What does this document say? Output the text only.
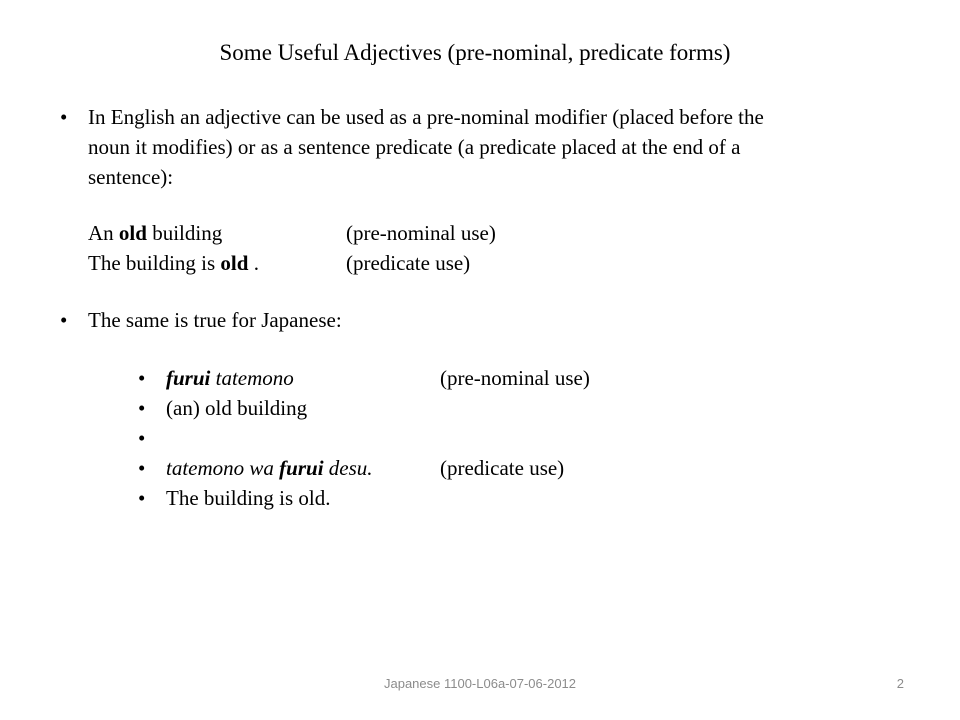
Some Useful Adjectives (pre-nominal, predicate forms)
• In English an adjective can be used as a pre-nominal modifier (placed before the
noun it modifies) or as a sentence predicate (a predicate placed at the end of a
sentence):
An old building	(pre-nominal use)
The building is old .	(predicate use)
• The same is true for Japanese:
• furui tatemono	(pre-nominal use)
• (an) old building
•
• tatemono wa furui desu.	(predicate use)
• The building is old.
Japanese 1100-L06a-07-06-2012	2
